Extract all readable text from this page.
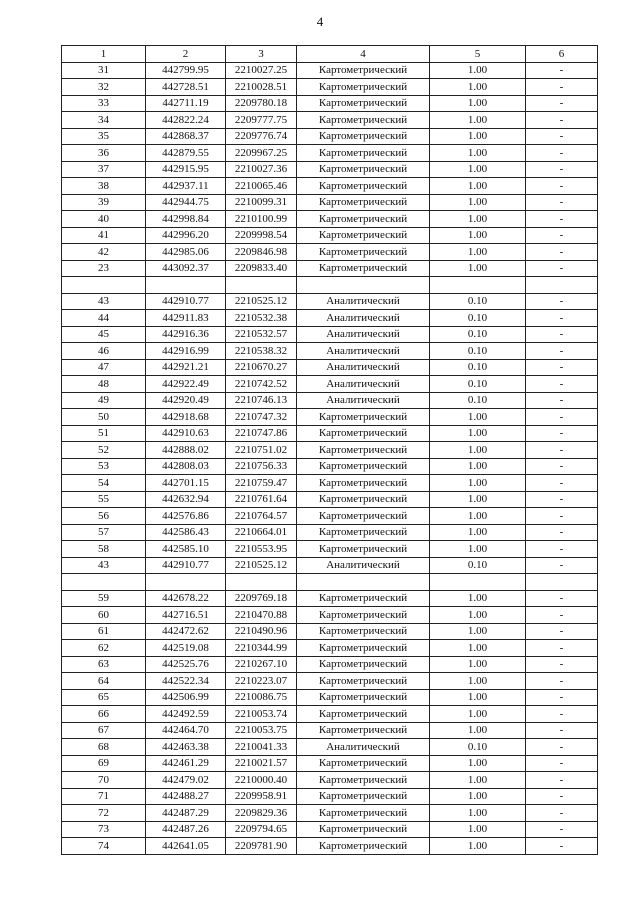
4
1	2	3	4	5	6
31	442799.95	2210027.25	Картометрический	1.00	-
32	442728.51	2210028.51	Картометрический	1.00	-
33	442711.19	2209780.18	Картометрический	1.00	-
34	442822.24	2209777.75	Картометрический	1.00	-
35	442868.37	2209776.74	Картометрический	1.00	-
36	442879.55	2209967.25	Картометрический	1.00	-
37	442915.95	2210027.36	Картометрический	1.00	-
38	442937.11	2210065.46	Картометрический	1.00	-
39	442944.75	2210099.31	Картометрический	1.00	-
40	442998.84	2210100.99	Картометрический	1.00	-
41	442996.20	2209998.54	Картометрический	1.00	-
42	442985.06	2209846.98	Картометрический	1.00	-
23	443092.37	2209833.40	Картометрический	1.00	-

43	442910.77	2210525.12	Аналитический	0.10	-
44	442911.83	2210532.38	Аналитический	0.10	-
45	442916.36	2210532.57	Аналитический	0.10	-
46	442916.99	2210538.32	Аналитический	0.10	-
47	442921.21	2210670.27	Аналитический	0.10	-
48	442922.49	2210742.52	Аналитический	0.10	-
49	442920.49	2210746.13	Аналитический	0.10	-
50	442918.68	2210747.32	Картометрический	1.00	-
51	442910.63	2210747.86	Картометрический	1.00	-
52	442888.02	2210751.02	Картометрический	1.00	-
53	442808.03	2210756.33	Картометрический	1.00	-
54	442701.15	2210759.47	Картометрический	1.00	-
55	442632.94	2210761.64	Картометрический	1.00	-
56	442576.86	2210764.57	Картометрический	1.00	-
57	442586.43	2210664.01	Картометрический	1.00	-
58	442585.10	2210553.95	Картометрический	1.00	-
43	442910.77	2210525.12	Аналитический	0.10	-

59	442678.22	2209769.18	Картометрический	1.00	-
60	442716.51	2210470.88	Картометрический	1.00	-
61	442472.62	2210490.96	Картометрический	1.00	-
62	442519.08	2210344.99	Картометрический	1.00	-
63	442525.76	2210267.10	Картометрический	1.00	-
64	442522.34	2210223.07	Картометрический	1.00	-
65	442506.99	2210086.75	Картометрический	1.00	-
66	442492.59	2210053.74	Картометрический	1.00	-
67	442464.70	2210053.75	Картометрический	1.00	-
68	442463.38	2210041.33	Аналитический	0.10	-
69	442461.29	2210021.57	Картометрический	1.00	-
70	442479.02	2210000.40	Картометрический	1.00	-
71	442488.27	2209958.91	Картометрический	1.00	-
72	442487.29	2209829.36	Картометрический	1.00	-
73	442487.26	2209794.65	Картометрический	1.00	-
74	442641.05	2209781.90	Картометрический	1.00	-
